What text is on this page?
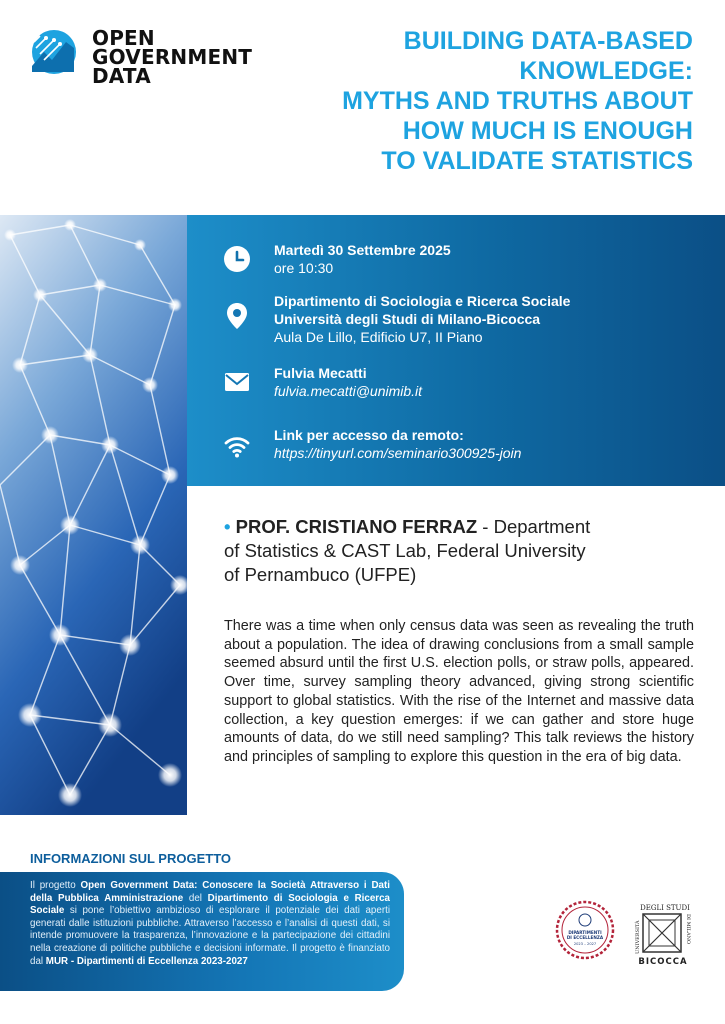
OPEN
GOVERNMENT
DATA
BUILDING DATA-BASED
KNOWLEDGE:
MYTHS AND TRUTHS ABOUT
HOW MUCH IS ENOUGH
TO VALIDATE STATISTICS
Martedì 30 Settembre 2025
ore 10:30
Dipartimento di Sociologia e Ricerca Sociale
Università degli Studi di Milano-Bicocca
Aula De Lillo, Edificio U7, II Piano
Fulvia Mecatti
fulvia.mecatti@unimib.it
Link per accesso da remoto:
https://tinyurl.com/seminario300925-join
• PROF. CRISTIANO FERRAZ - Department
of Statistics & CAST Lab, Federal University
of Pernambuco (UFPE)
There was a time when only census data was seen as revealing the truth about a population. The idea of drawing conclusions from a small sample seemed absurd until the first U.S. election polls, or straw polls, appeared. Over time, survey sampling theory advanced, giving strong scientific support to global statistics. With the rise of the Internet and massive data collection, a key question emerges: if we can gather and store huge amounts of data, do we still need sampling? This talk reviews the history and principles of sampling to explore this question in the era of big data.
INFORMAZIONI SUL PROGETTO
Il progetto Open Government Data: Conoscere la Società Attraverso i Dati della Pubblica Amministrazione del Dipartimento di Sociologia e Ricerca Sociale si pone l’obiettivo ambizioso di esplorare il potenziale dei dati aperti generati dalle istituzioni pubbliche. Attraverso l’accesso e l’analisi di questi dati, si intende promuovere la trasparenza, l’innovazione e la partecipazione dei cittadini nella creazione di politiche pubbliche e decisioni informate. Il progetto è finanziato dal MUR - Dipartimenti di Eccellenza 2023-2027
DIPARTIMENTI
DI ECCELLENZA
2023 – 2027
DEGLI STUDI
UNIVERSITÀ	DI MILANO
BICOCCA
